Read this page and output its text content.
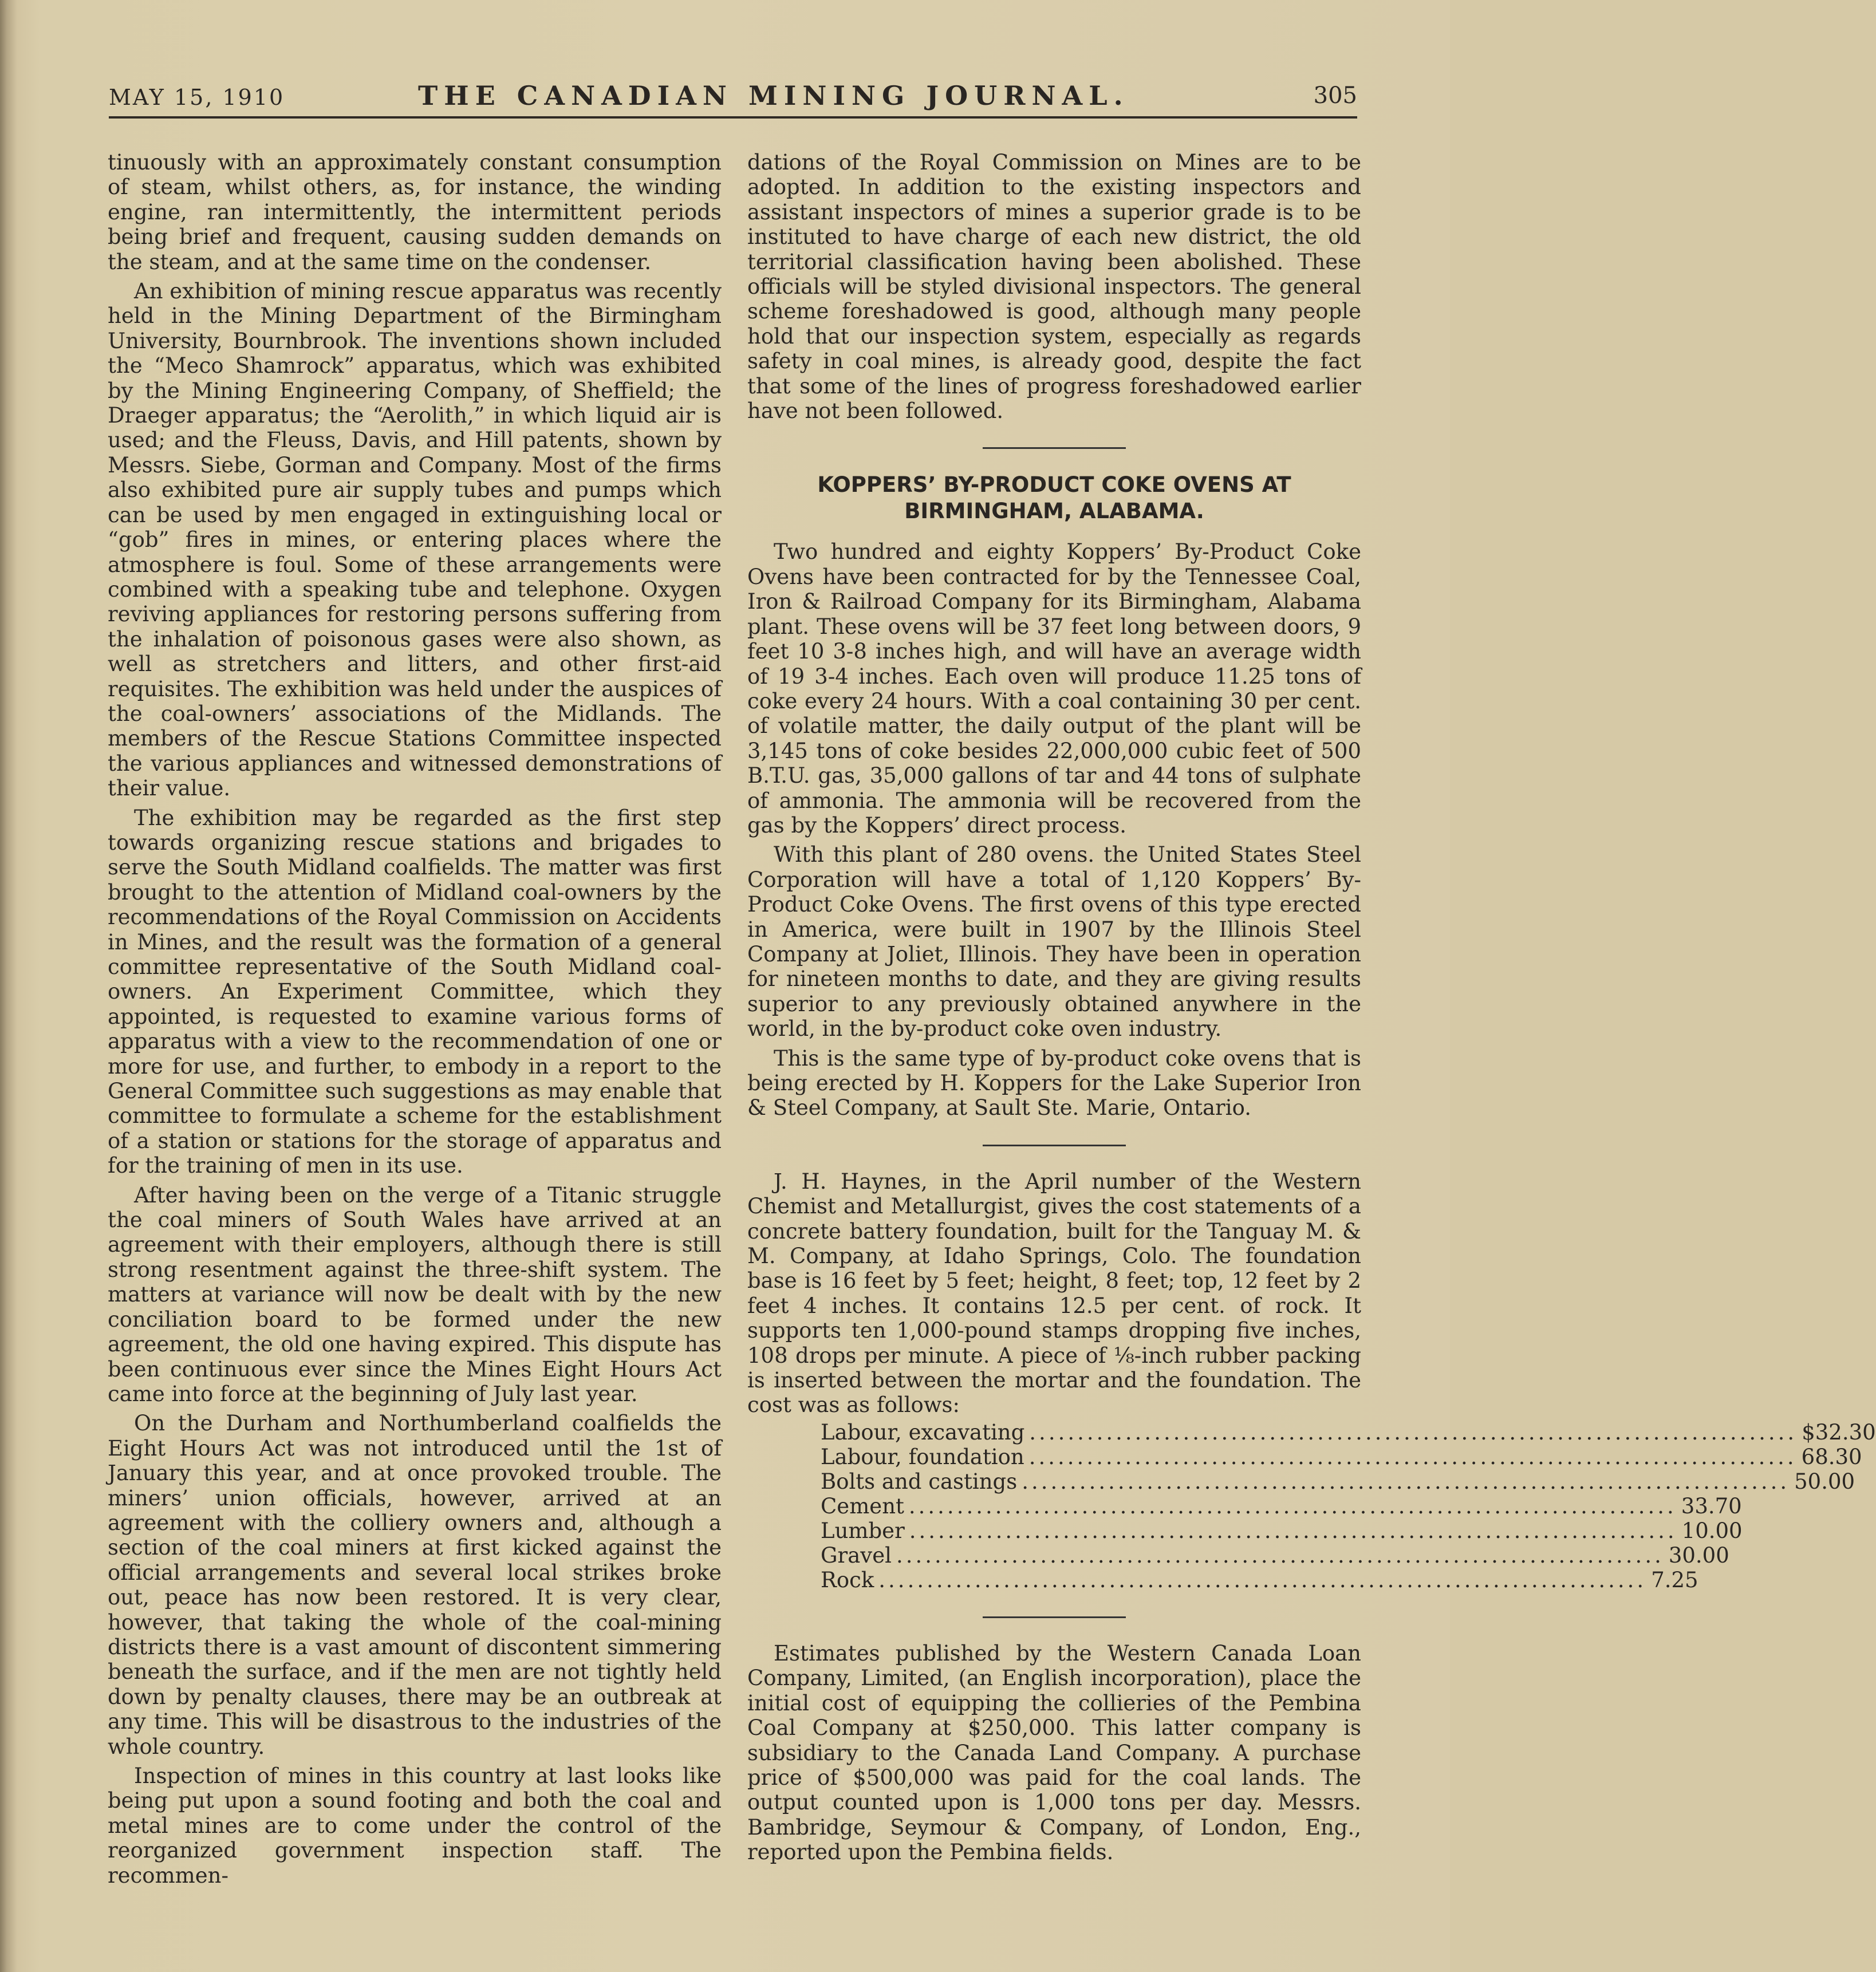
MAY 15, 1910	THE CANADIAN MINING JOURNAL.	305

tinuously with an approximately constant consumption of steam, whilst others, as, for instance, the winding engine, ran intermittently, the intermittent periods being brief and frequent, causing sudden demands on the steam, and at the same time on the condenser.

An exhibition of mining rescue apparatus was recently held in the Mining Department of the Birmingham University, Bournbrook. The inventions shown included the “Meco Shamrock” apparatus, which was exhibited by the Mining Engineering Company, of Sheffield; the Draeger apparatus; the “Aerolith,” in which liquid air is used; and the Fleuss, Davis, and Hill patents, shown by Messrs. Siebe, Gorman and Company. Most of the firms also exhibited pure air supply tubes and pumps which can be used by men engaged in extinguishing local or “gob” fires in mines, or entering places where the atmosphere is foul. Some of these arrangements were combined with a speaking tube and telephone. Oxygen reviving appliances for restoring persons suffering from the inhalation of poisonous gases were also shown, as well as stretchers and litters, and other first-aid requisites. The exhibition was held under the auspices of the coal-owners’ associations of the Midlands. The members of the Rescue Stations Committee inspected the various appliances and witnessed demonstrations of their value.

The exhibition may be regarded as the first step towards organizing rescue stations and brigades to serve the South Midland coalfields. The matter was first brought to the attention of Midland coal-owners by the recommendations of the Royal Commission on Accidents in Mines, and the result was the formation of a general committee representative of the South Midland coal-owners. An Experiment Committee, which they appointed, is requested to examine various forms of apparatus with a view to the recommendation of one or more for use, and further, to embody in a report to the General Committee such suggestions as may enable that committee to formulate a scheme for the establishment of a station or stations for the storage of apparatus and for the training of men in its use.

After having been on the verge of a Titanic struggle the coal miners of South Wales have arrived at an agreement with their employers, although there is still strong resentment against the three-shift system. The matters at variance will now be dealt with by the new conciliation board to be formed under the new agreement, the old one having expired. This dispute has been continuous ever since the Mines Eight Hours Act came into force at the beginning of July last year.

On the Durham and Northumberland coalfields the Eight Hours Act was not introduced until the 1st of January this year, and at once provoked trouble. The miners’ union officials, however, arrived at an agreement with the colliery owners and, although a section of the coal miners at first kicked against the official arrangements and several local strikes broke out, peace has now been restored. It is very clear, however, that taking the whole of the coal-mining districts there is a vast amount of discontent simmering beneath the surface, and if the men are not tightly held down by penalty clauses, there may be an outbreak at any time. This will be disastrous to the industries of the whole country.

Inspection of mines in this country at last looks like being put upon a sound footing and both the coal and metal mines are to come under the control of the reorganized government inspection staff. The recommen-

dations of the Royal Commission on Mines are to be adopted. In addition to the existing inspectors and assistant inspectors of mines a superior grade is to be instituted to have charge of each new district, the old territorial classification having been abolished. These officials will be styled divisional inspectors. The general scheme foreshadowed is good, although many people hold that our inspection system, especially as regards safety in coal mines, is already good, despite the fact that some of the lines of progress foreshadowed earlier have not been followed.

KOPPERS’ BY-PRODUCT COKE OVENS AT BIRMINGHAM, ALABAMA.

Two hundred and eighty Koppers’ By-Product Coke Ovens have been contracted for by the Tennessee Coal, Iron & Railroad Company for its Birmingham, Alabama plant. These ovens will be 37 feet long between doors, 9 feet 10 3-8 inches high, and will have an average width of 19 3-4 inches. Each oven will produce 11.25 tons of coke every 24 hours. With a coal containing 30 per cent. of volatile matter, the daily output of the plant will be 3,145 tons of coke besides 22,000,000 cubic feet of 500 B.T.U. gas, 35,000 gallons of tar and 44 tons of sulphate of ammonia. The ammonia will be recovered from the gas by the Koppers’ direct process.

With this plant of 280 ovens. the United States Steel Corporation will have a total of 1,120 Koppers’ By-Product Coke Ovens. The first ovens of this type erected in America, were built in 1907 by the Illinois Steel Company at Joliet, Illinois. They have been in operation for nineteen months to date, and they are giving results superior to any previously obtained anywhere in the world, in the by-product coke oven industry.

This is the same type of by-product coke ovens that is being erected by H. Koppers for the Lake Superior Iron & Steel Company, at Sault Ste. Marie, Ontario.

J. H. Haynes, in the April number of the Western Chemist and Metallurgist, gives the cost statements of a concrete battery foundation, built for the Tanguay M. & M. Company, at Idaho Springs, Colo. The foundation base is 16 feet by 5 feet; height, 8 feet; top, 12 feet by 2 feet 4 inches. It contains 12.5 per cent. of rock. It supports ten 1,000-pound stamps dropping five inches, 108 drops per minute. A piece of ⅛-inch rubber packing is inserted between the mortar and the foundation. The cost was as follows:

Labour, excavating ................................................................................ $32.30
Labour, foundation ................................................................................ 68.30
Bolts and castings ................................................................................ 50.00
Cement ................................................................................ 33.70
Lumber ................................................................................ 10.00
Gravel ................................................................................ 30.00
Rock ................................................................................ 7.25

Estimates published by the Western Canada Loan Company, Limited, (an English incorporation), place the initial cost of equipping the collieries of the Pembina Coal Company at $250,000. This latter company is subsidiary to the Canada Land Company. A purchase price of $500,000 was paid for the coal lands. The output counted upon is 1,000 tons per day. Messrs. Bambridge, Seymour & Company, of London, Eng., reported upon the Pembina fields.
